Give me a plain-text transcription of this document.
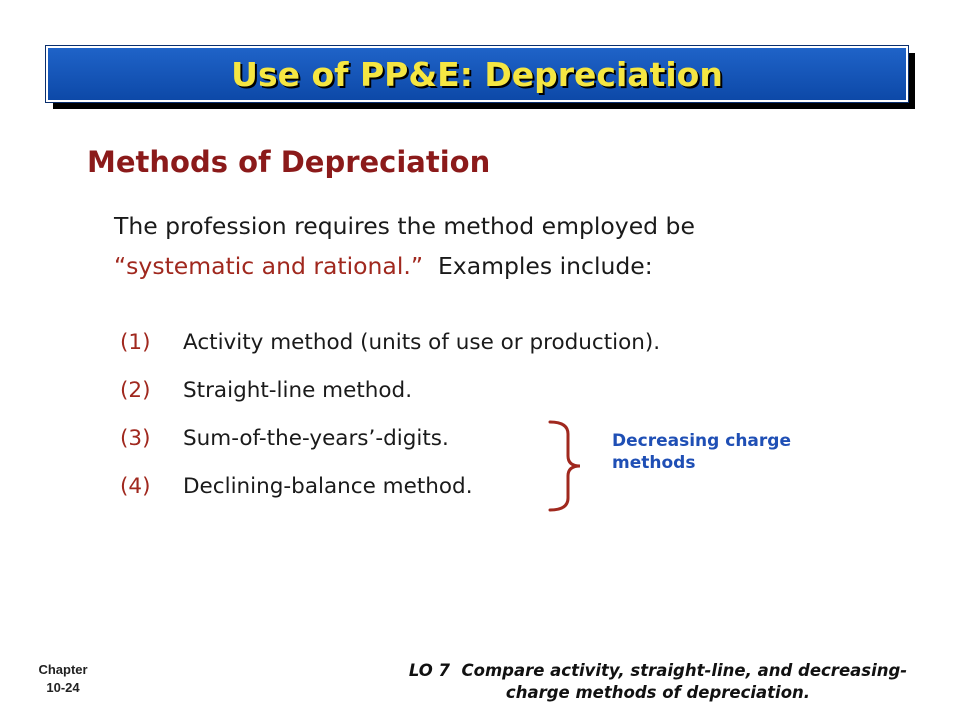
Use of PP&E: Depreciation
Methods of Depreciation

The profession requires the method employed be
“systematic and rational.”  Examples include:

(1)	Activity method (units of use or production).
(2)	Straight-line method.
(3)	Sum-of-the-years’-digits.
(4)	Declining-balance method.

Decreasing charge
methods

Chapter
10-24
LO 7  Compare activity, straight-line, and decreasing-
charge methods of depreciation.
